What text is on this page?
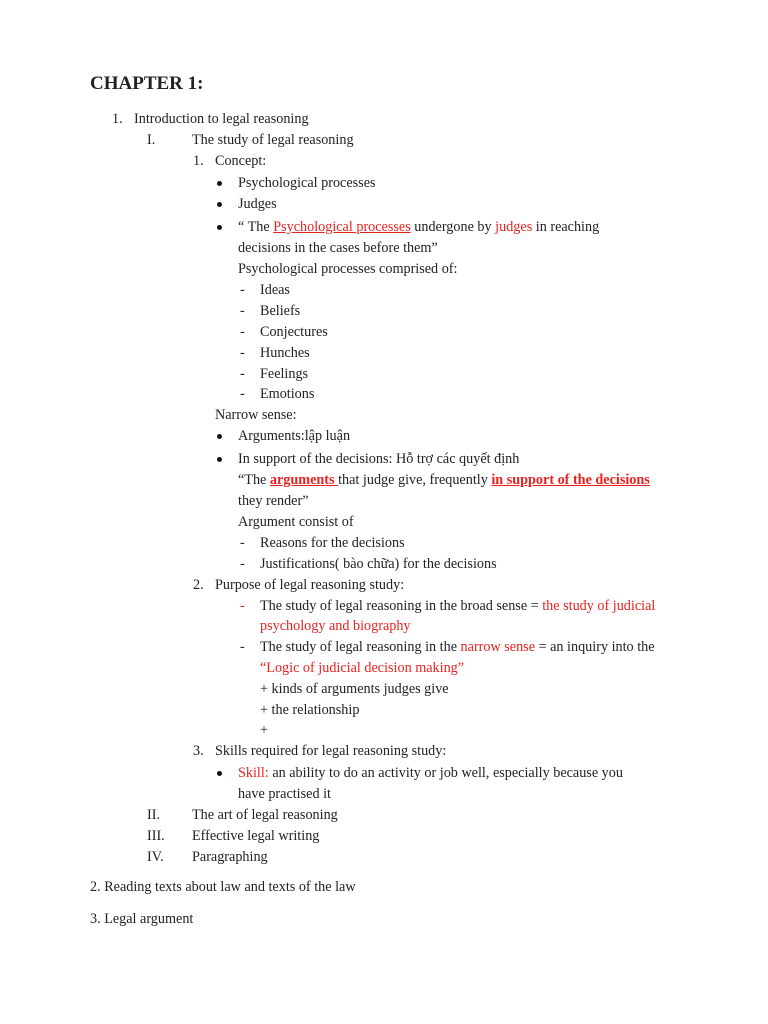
CHAPTER 1:
1. Introduction to legal reasoning
I.	The study of legal reasoning
1. Concept:
Psychological processes
Judges
“ The Psychological processes undergone by judges in reaching
decisions in the cases before them”
Psychological processes comprised of:
- Ideas
- Beliefs
- Conjectures
- Hunches
- Feelings
- Emotions
Narrow sense:
Arguments:lập luận
In support of the decisions: Hỗ trợ các quyết định
“The arguments that judge give, frequently in support of the decisions
they render”
Argument consist of
- Reasons for the decisions
- Justifications( bào chữa) for the decisions
2. Purpose of legal reasoning study:
- The study of legal reasoning in the broad sense = the study of judicial
psychology and biography
- The study of legal reasoning in the narrow sense = an inquiry into the
“Logic of judicial decision making”
+ kinds of arguments judges give
+ the relationship
+
3. Skills required for legal reasoning study:
Skill: an ability to do an activity or job well, especially because you
have practised it
II. The art of legal reasoning
III. Effective legal writing
IV. Paragraphing
2. Reading texts about law and texts of the law
3. Legal argument
